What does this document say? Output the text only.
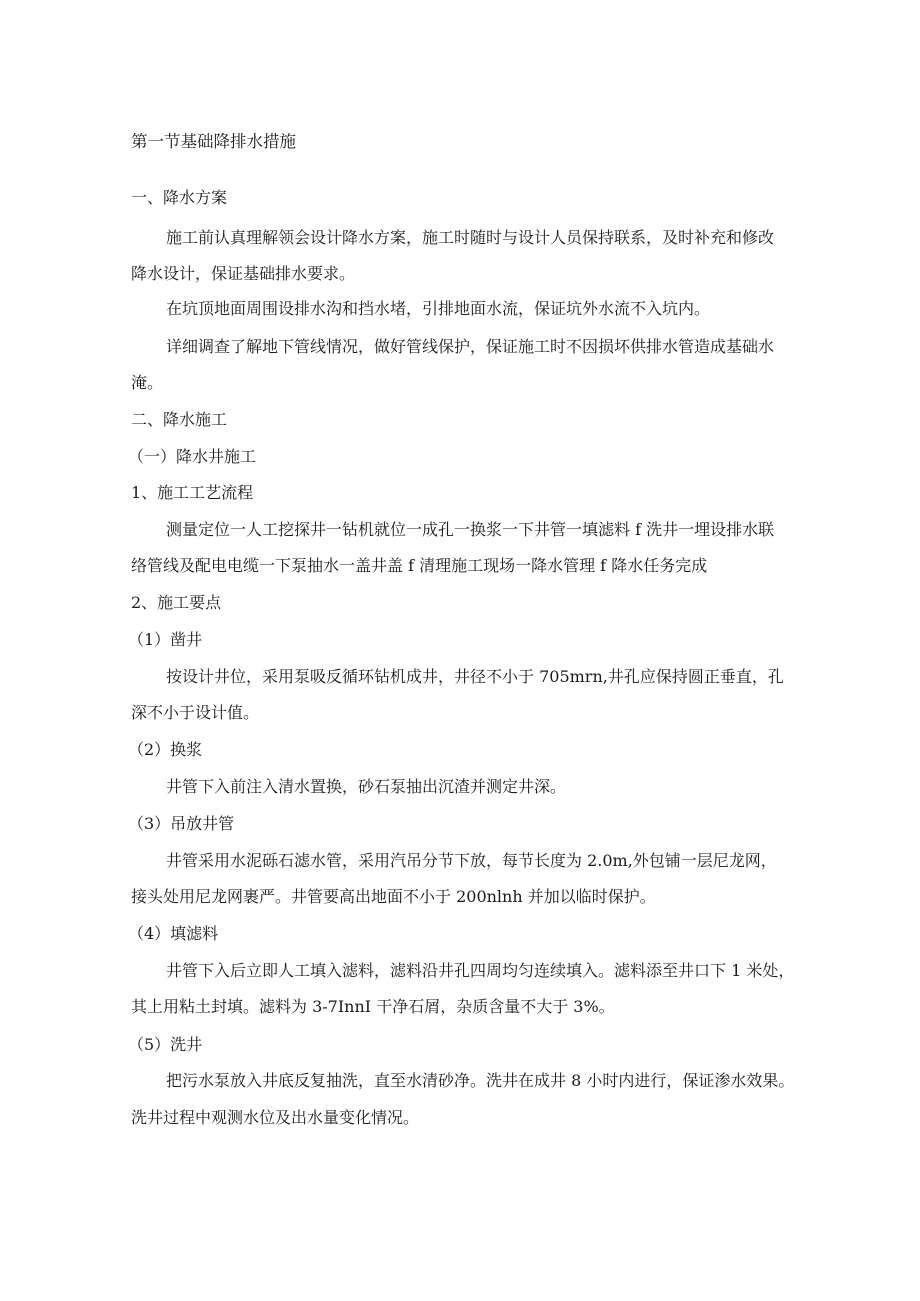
第一节基础降排水措施
一、降水方案
施工前认真理解领会设计降水方案，施工时随时与设计人员保持联系，及时补充和修改
降水设计，保证基础排水要求。
在坑顶地面周围设排水沟和挡水堵，引排地面水流，保证坑外水流不入坑内。
详细调查了解地下管线情况，做好管线保护，保证施工时不因损坏供排水管造成基础水
淹。
二、降水施工
（一）降水井施工
1、施工工艺流程
测量定位一人工挖探井一钻机就位一成孔一换浆一下井管一填滤料 f 洗井一埋设排水联
络管线及配电电缆一下泵抽水一盖井盖 f 清理施工现场一降水管理 f 降水任务完成
2、施工要点
（1）凿井
按设计井位，采用泵吸反循环钻机成井，井径不小于 705mrn,井孔应保持圆正垂直，孔
深不小于设计值。
（2）换浆
井管下入前注入清水置换，砂石泵抽出沉渣并测定井深。
（3）吊放井管
井管采用水泥砾石滤水管，采用汽吊分节下放，每节长度为 2.0m,外包铺一层尼龙网，
接头处用尼龙网裹严。井管要高出地面不小于 200nlnh 并加以临时保护。
（4）填滤料
井管下入后立即人工填入滤料，滤料沿井孔四周均匀连续填入。滤料添至井口下 1 米处，
其上用粘土封填。滤料为 3-7InnI 干净石屑，杂质含量不大于 3%。
（5）洗井
把污水泵放入井底反复抽洗，直至水清砂净。洗井在成井 8 小时内进行，保证渗水效果。
洗井过程中观测水位及出水量变化情况。
